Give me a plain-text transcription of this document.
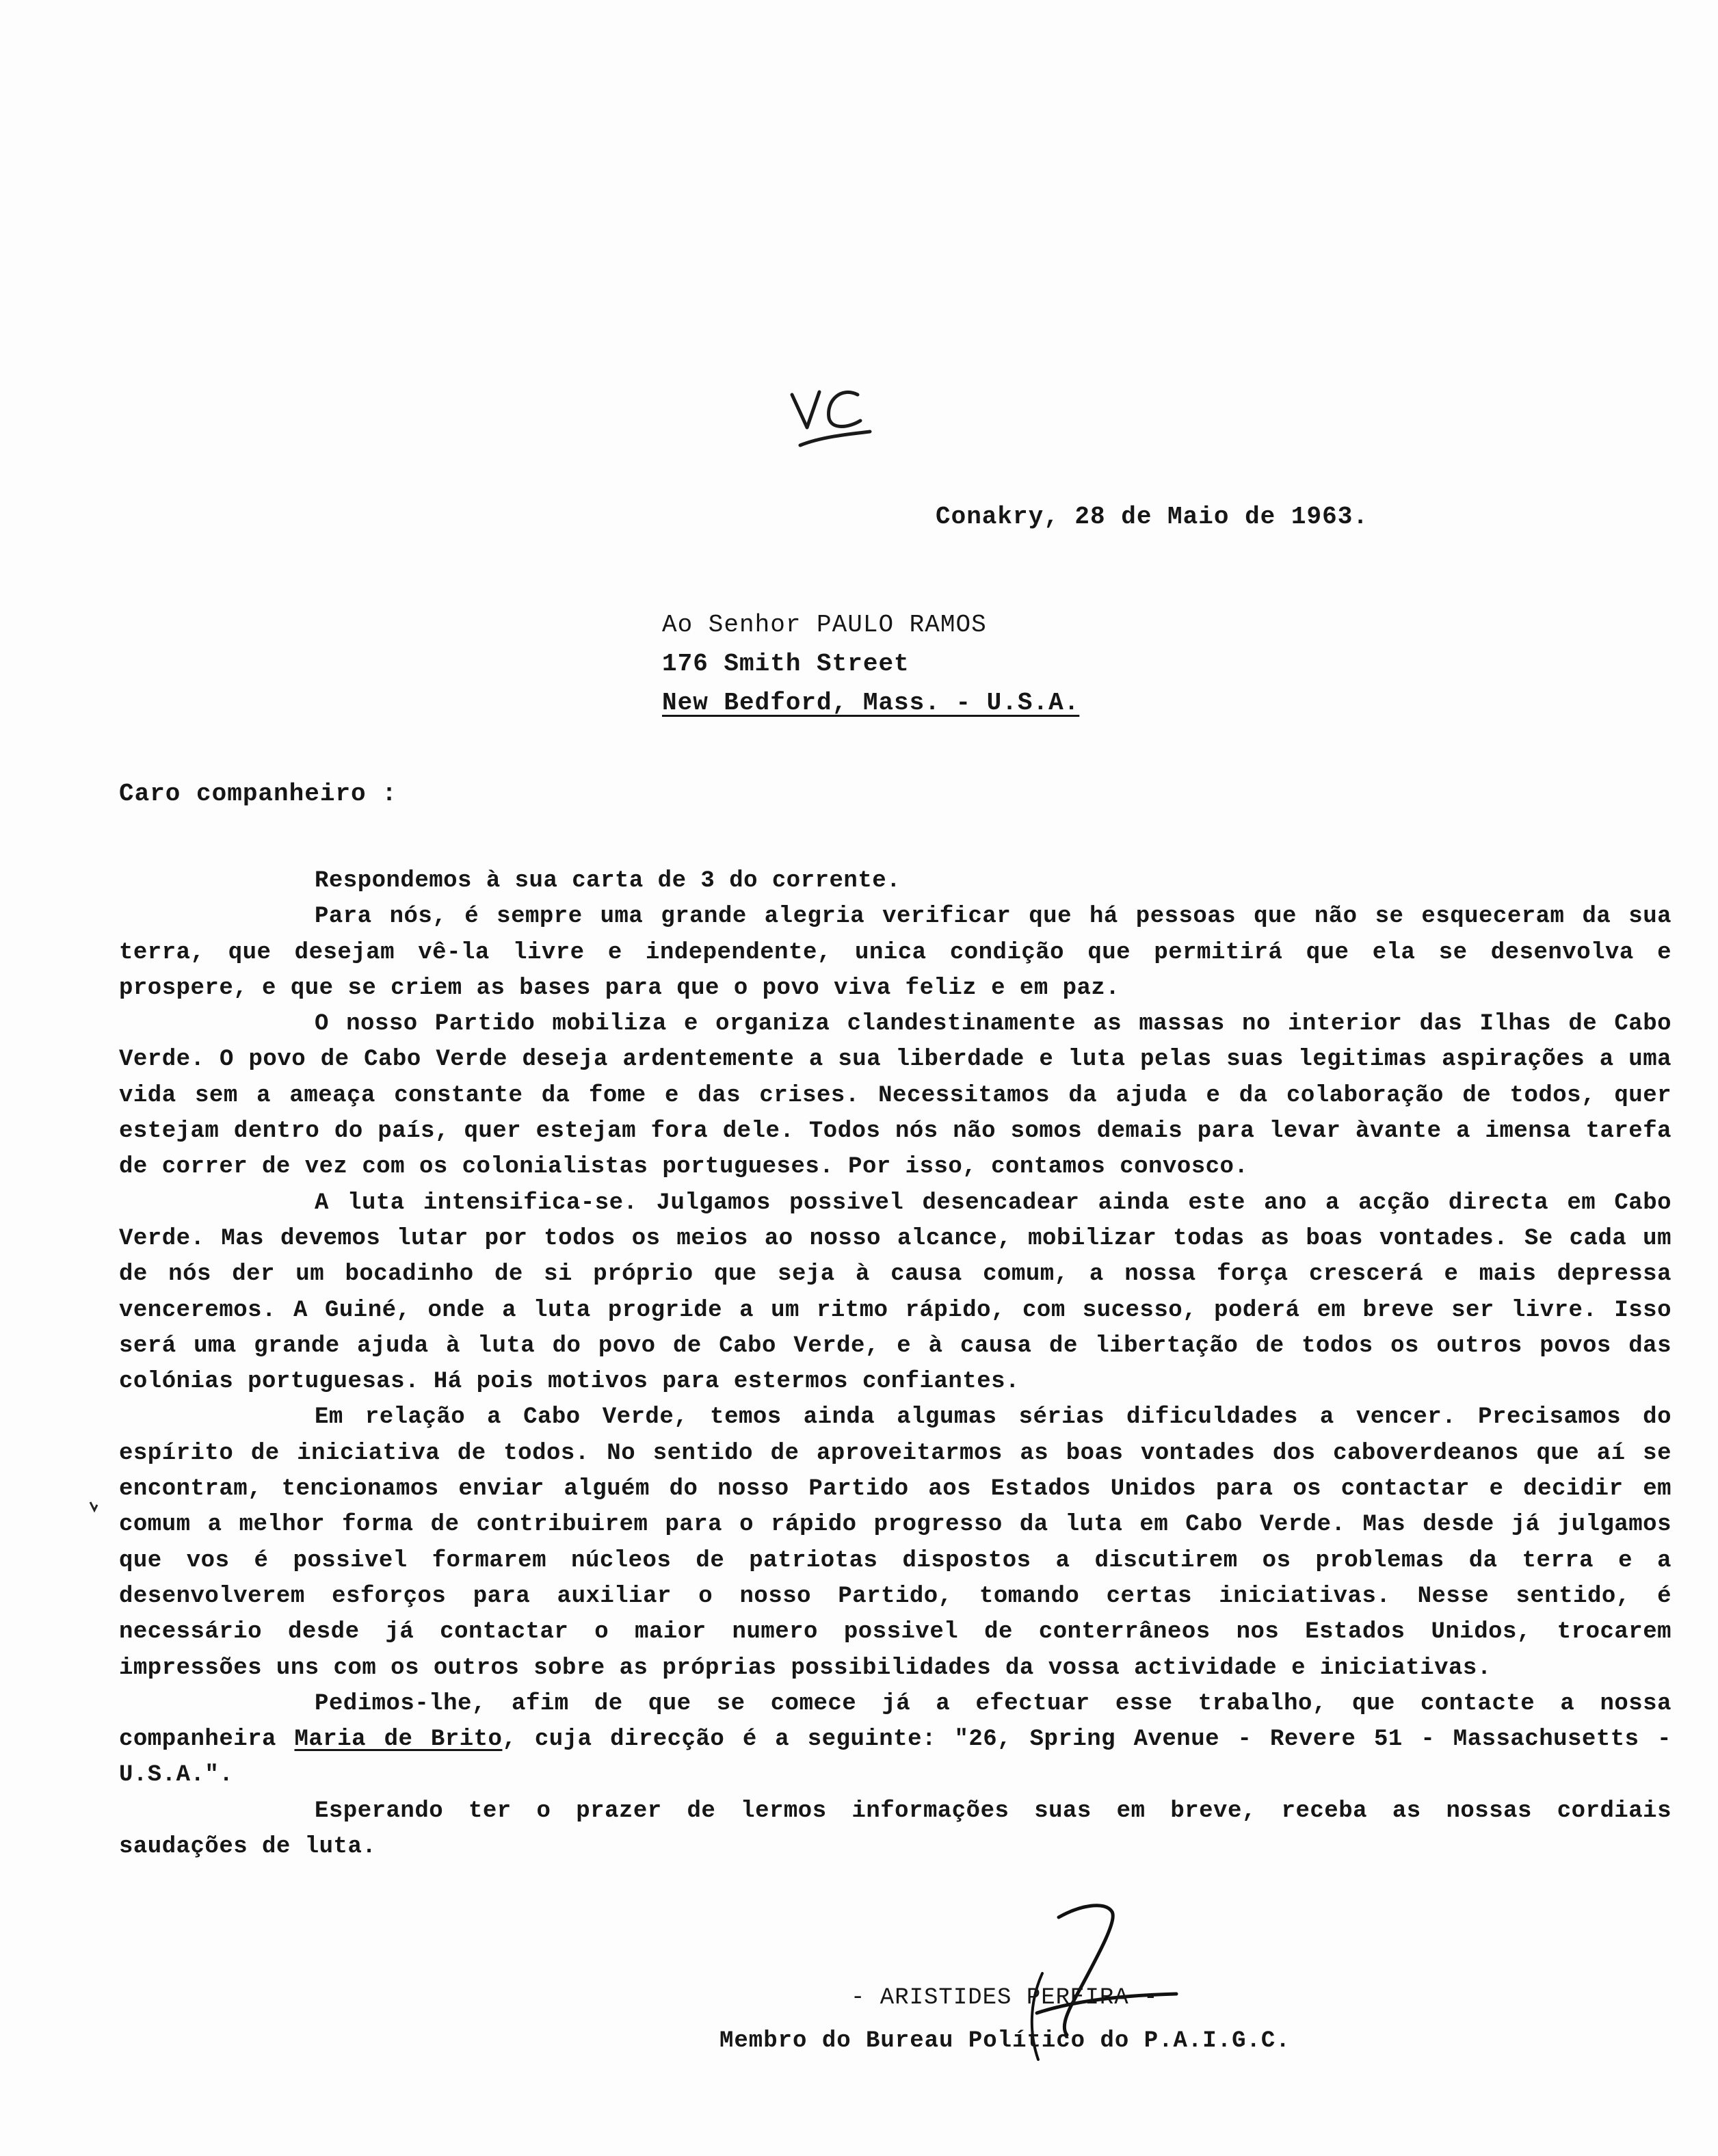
Conakry, 28 de Maio de 1963.
Ao Senhor PAULO RAMOS
176 Smith Street
New Bedford, Mass. - U.S.A.
Caro companheiro :

Respondemos à sua carta de 3 do corrente.

Para nós, é sempre uma grande alegria verificar que há pessoas que não se esqueceram da sua terra, que desejam vê-la livre e independente, unica condição que permitirá que ela se desenvolva e prospere, e que se criem as bases para que o povo viva feliz e em paz.

O nosso Partido mobiliza e organiza clandestinamente as massas no interior das Ilhas de Cabo Verde. O povo de Cabo Verde deseja ardentemente a sua liberdade e luta pelas suas legitimas aspirações a uma vida sem a ameaça constante da fome e das crises. Necessitamos da ajuda e da colaboração de todos, quer estejam dentro do país, quer estejam fora dele. Todos nós não somos demais para levar àvante a imensa tarefa de correr de vez com os colonialistas portugueses. Por isso, contamos convosco.

A luta intensifica-se. Julgamos possivel desencadear ainda este ano a acção directa em Cabo Verde. Mas devemos lutar por todos os meios ao nosso alcance, mobilizar todas as boas vontades. Se cada um de nós der um bocadinho de si próprio que seja à causa comum, a nossa força crescerá e mais depressa venceremos. A Guiné, onde a luta progride a um ritmo rápido, com sucesso, poderá em breve ser livre. Isso será uma grande ajuda à luta do povo de Cabo Verde, e à causa de libertação de todos os outros povos das colónias portuguesas. Há pois motivos para estermos confiantes.

Em relação a Cabo Verde, temos ainda algumas sérias dificuldades a vencer. Precisamos do espírito de iniciativa de todos. No sentido de aproveitarmos as boas vontades dos caboverdeanos que aí se encontram, tencionamos enviar alguém do nosso Partido aos Estados Unidos para os contactar e decidir em comum a melhor forma de contribuirem para o rápido progresso da luta em Cabo Verde. Mas desde já julgamos que vos é possivel formarem núcleos de patriotas dispostos a discutirem os problemas da terra e a desenvolverem esforços para auxiliar o nosso Partido, tomando certas iniciativas. Nesse sentido, é necessário desde já contactar o maior numero possivel de conterrâneos nos Estados Unidos, trocarem impressões uns com os outros sobre as próprias possibilidades da vossa actividade e iniciativas.

Pedimos-lhe, afim de que se comece já a efectuar esse trabalho, que contacte a nossa companheira Maria de Brito, cuja direcção é a seguinte: "26, Spring Avenue - Revere 51 - Massachusetts - U.S.A.".

Esperando ter o prazer de lermos informações suas em breve, receba as nossas cordiais saudações de luta.

- ARISTIDES PEREIRA -
Membro do Bureau Político do P.A.I.G.C.
